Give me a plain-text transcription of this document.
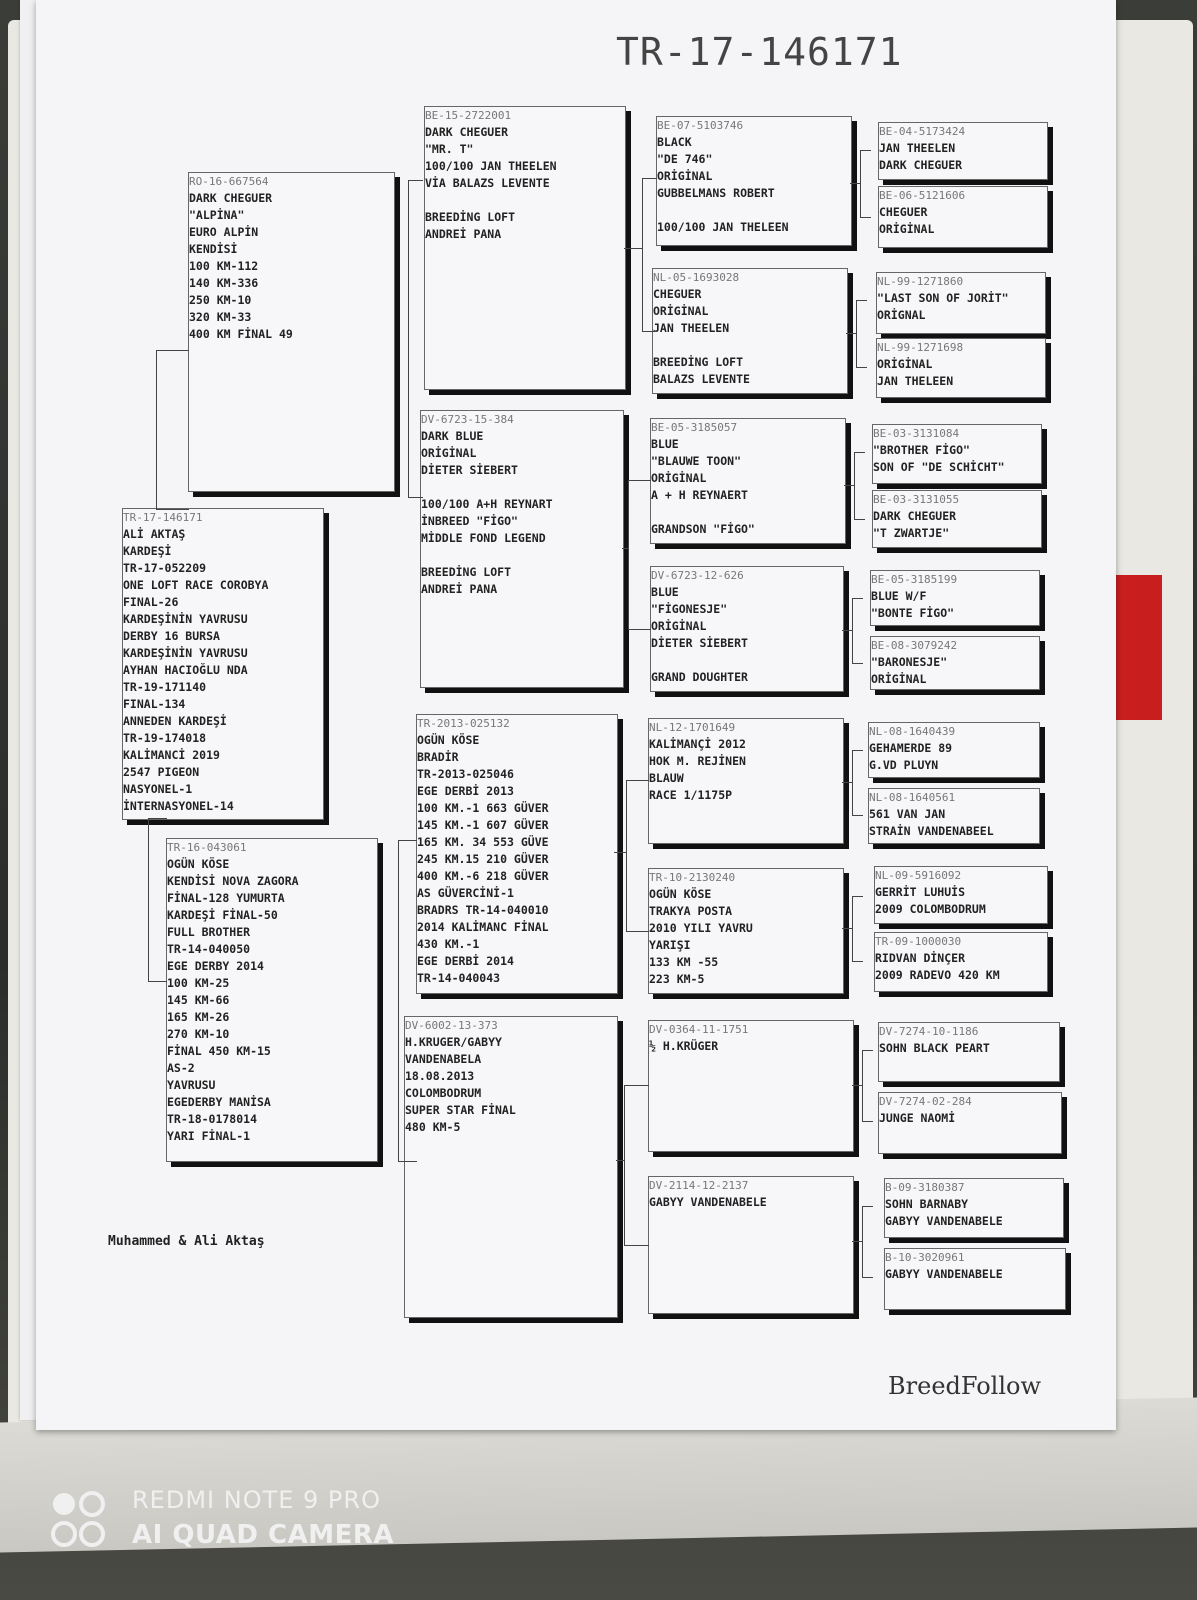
TR-17-146171
TR-17-146171
ALİ AKTAŞ
KARDEŞİ
TR-17-052209
ONE LOFT RACE COROBYA
FINAL-26
KARDEŞİNİN YAVRUSU
DERBY 16 BURSA
KARDEŞİNİN YAVRUSU
AYHAN HACIOĞLU NDA
TR-19-171140
FINAL-134
ANNEDEN KARDEŞİ
TR-19-174018
KALİMANCİ 2019
2547 PIGEON
NASYONEL-1
İNTERNASYONEL-14
RO-16-667564
DARK CHEGUER
"ALPİNA"
EURO ALPİN
KENDİSİ
100 KM-112
140 KM-336
250 KM-10
320 KM-33
400 KM FİNAL 49
TR-16-043061
OGÜN KÖSE
KENDİSİ NOVA ZAGORA
FİNAL-128 YUMURTA
KARDEŞİ FİNAL-50
FULL BROTHER
TR-14-040050
EGE DERBY 2014
100 KM-25
145 KM-66
165 KM-26
270 KM-10
FİNAL 450 KM-15
AS-2
YAVRUSU
EGEDERBY MANİSA
TR-18-0178014
YARI FİNAL-1
BE-15-2722001
DARK CHEGUER
"MR. T"
100/100 JAN THEELEN
VİA BALAZS LEVENTE

BREEDİNG LOFT
ANDREİ PANA
DV-6723-15-384
DARK BLUE
ORİGİNAL
DİETER SİEBERT

100/100 A+H REYNART
İNBREED "FİGO"
MİDDLE FOND LEGEND

BREEDİNG LOFT
ANDREİ PANA
TR-2013-025132
OGÜN KÖSE
BRADİR
TR-2013-025046
EGE DERBİ 2013
100 KM.-1 663 GÜVER
145 KM.-1 607 GÜVER
165 KM. 34 553 GÜVE
245 KM.15 210 GÜVER
400 KM.-6 218 GÜVER
AS GÜVERCİNİ-1
BRADRS TR-14-040010
2014 KALİMANC FİNAL
430 KM.-1
EGE DERBİ 2014
TR-14-040043
DV-6002-13-373
H.KRUGER/GABYY
VANDENABELA
18.08.2013
COLOMBODRUM
SUPER STAR FİNAL
480 KM-5
BE-07-5103746
BLACK
"DE 746"
ORİGİNAL
GUBBELMANS ROBERT

100/100 JAN THELEEN
NL-05-1693028
CHEGUER
ORİGİNAL
JAN THEELEN

BREEDİNG LOFT
BALAZS LEVENTE
BE-05-3185057
BLUE
"BLAUWE TOON"
ORİGİNAL
A + H REYNAERT

GRANDSON "FİGO"
DV-6723-12-626
BLUE
"FİGONESJE"
ORİGİNAL
DİETER SİEBERT

GRAND DOUGHTER
NL-12-1701649
KALİMANÇİ 2012
HOK M. REJİNEN
BLAUW
RACE 1/1175P
TR-10-2130240
OGÜN KÖSE
TRAKYA POSTA
2010 YILI YAVRU
YARIŞI
133 KM -55
223 KM-5
DV-0364-11-1751
½ H.KRÜGER
DV-2114-12-2137
GABYY VANDENABELE
BE-04-5173424
JAN THEELEN
DARK CHEGUER
BE-06-5121606
CHEGUER
ORİGİNAL
NL-99-1271860
"LAST SON OF JORİT"
ORİGNAL
NL-99-1271698
ORİGİNAL
JAN THELEEN
BE-03-3131084
"BROTHER FİGO"
SON OF "DE SCHİCHT"
BE-03-3131055
DARK CHEGUER
"T ZWARTJE"
BE-05-3185199
BLUE W/F
"BONTE FİGO"
BE-08-3079242
"BARONESJE"
ORİGİNAL
NL-08-1640439
GEHAMERDE 89
G.VD PLUYN
NL-08-1640561
561 VAN JAN
STRAİN VANDENABEEL
NL-09-5916092
GERRİT LUHUİS
2009 COLOMBODRUM
TR-09-1000030
RIDVAN DİNÇER
2009 RADEVO 420 KM
DV-7274-10-1186
SOHN BLACK PEART
DV-7274-02-284
JUNGE NAOMİ
B-09-3180387
SOHN BARNABY
GABYY VANDENABELE
B-10-3020961
GABYY VANDENABELE
Muhammed & Ali Aktaş
BreedFollow
REDMI NOTE 9 PRO
AI QUAD CAMERA
